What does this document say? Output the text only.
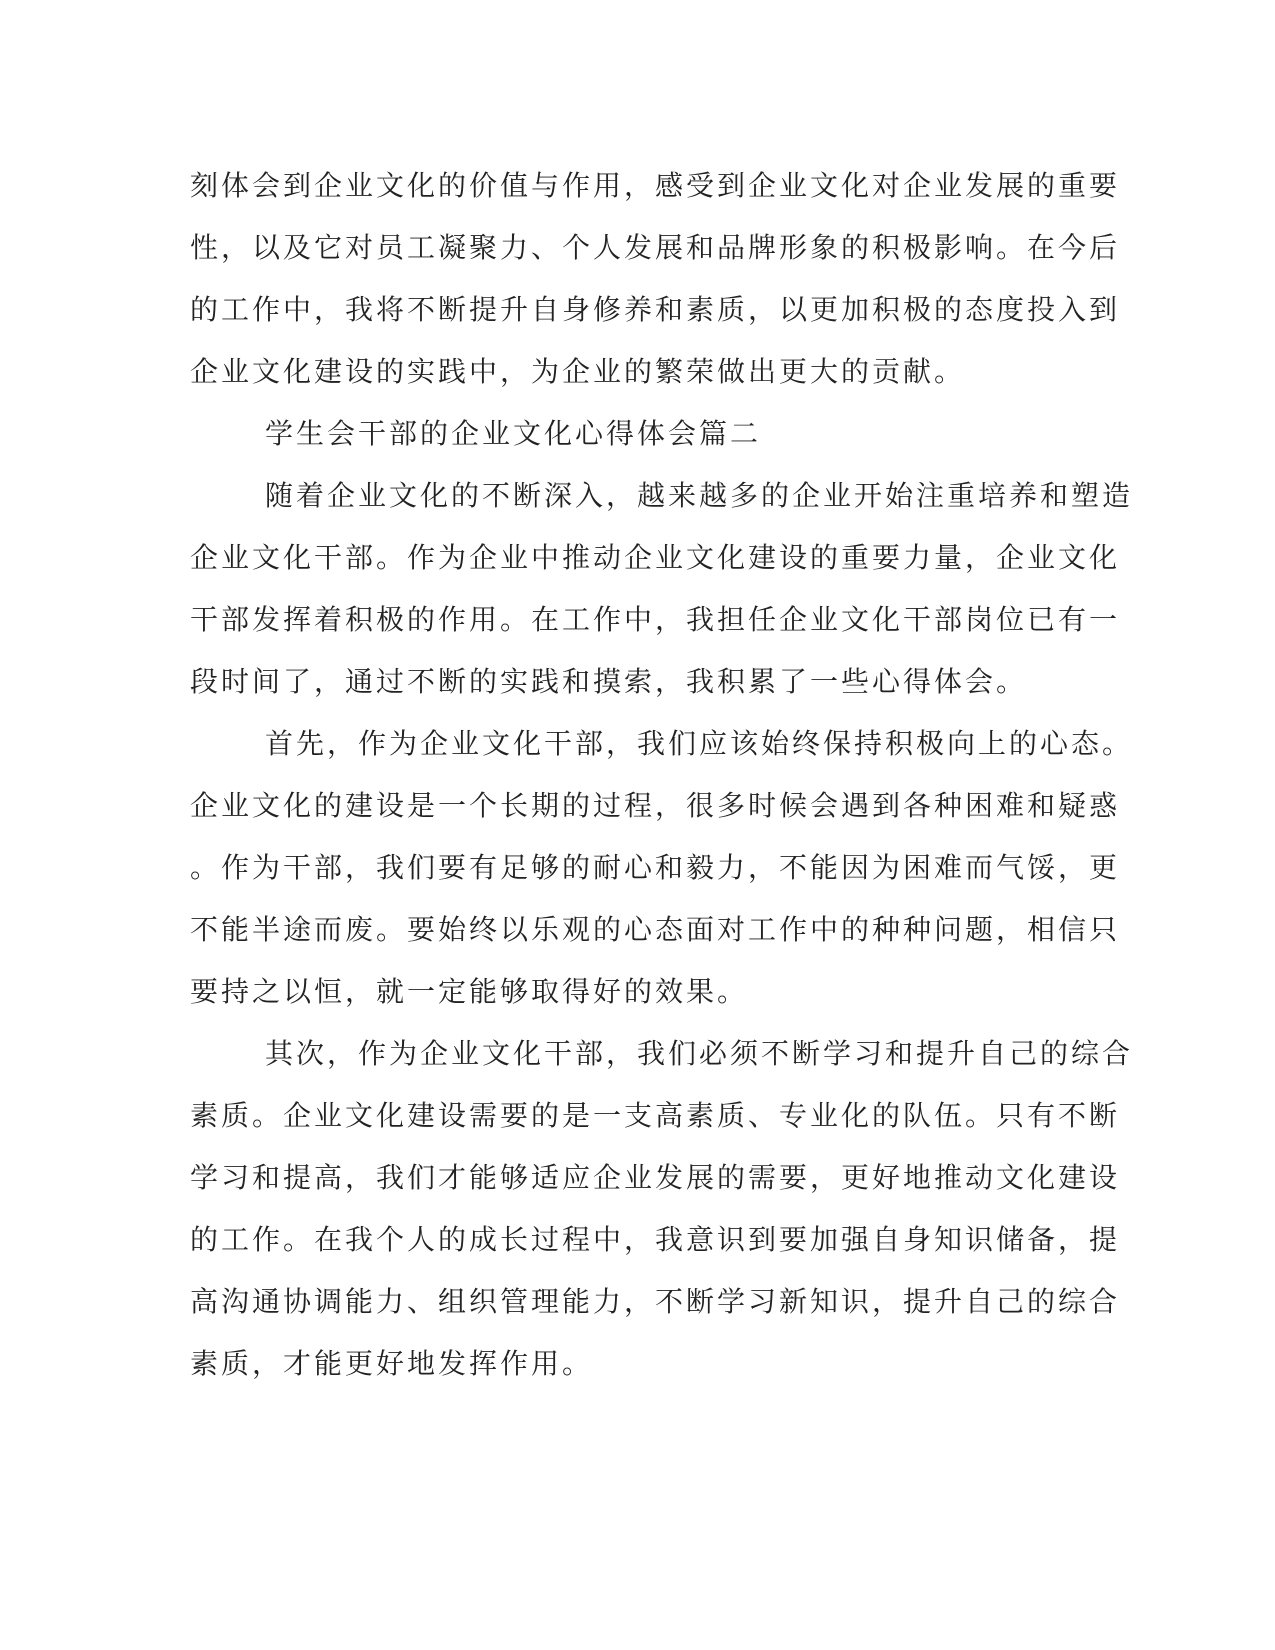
刻体会到企业文化的价值与作用，感受到企业文化对企业发展的重要
性，以及它对员工凝聚力、个人发展和品牌形象的积极影响。在今后
的工作中，我将不断提升自身修养和素质，以更加积极的态度投入到
企业文化建设的实践中，为企业的繁荣做出更大的贡献。
学生会干部的企业文化心得体会篇二
随着企业文化的不断深入，越来越多的企业开始注重培养和塑造
企业文化干部。作为企业中推动企业文化建设的重要力量，企业文化
干部发挥着积极的作用。在工作中，我担任企业文化干部岗位已有一
段时间了，通过不断的实践和摸索，我积累了一些心得体会。
首先，作为企业文化干部，我们应该始终保持积极向上的心态。
企业文化的建设是一个长期的过程，很多时候会遇到各种困难和疑惑
。作为干部，我们要有足够的耐心和毅力，不能因为困难而气馁，更
不能半途而废。要始终以乐观的心态面对工作中的种种问题，相信只
要持之以恒，就一定能够取得好的效果。
其次，作为企业文化干部，我们必须不断学习和提升自己的综合
素质。企业文化建设需要的是一支高素质、专业化的队伍。只有不断
学习和提高，我们才能够适应企业发展的需要，更好地推动文化建设
的工作。在我个人的成长过程中，我意识到要加强自身知识储备，提
高沟通协调能力、组织管理能力，不断学习新知识，提升自己的综合
素质，才能更好地发挥作用。
